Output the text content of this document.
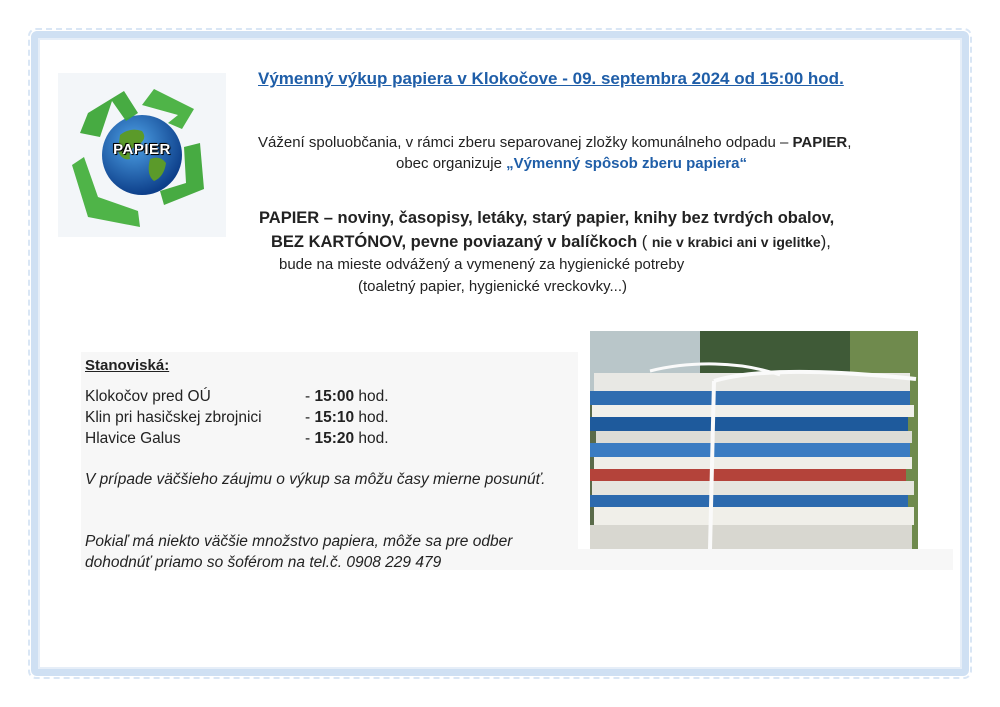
PAPIER
Výmenný výkup papiera v Klokočove - 09. septembra 2024 od 15:00 hod.
Vážení spoluobčania, v rámci zberu separovanej zložky komunálneho odpadu – PAPIER,
obec organizuje „Výmenný spôsob zberu papiera“
PAPIER – noviny, časopisy, letáky, starý papier, knihy bez tvrdých obalov,
BEZ KARTÓNOV, pevne poviazaný v balíčkoch ( nie v krabici ani v igelitke),
bude na mieste odvážený a vymenený za hygienické potreby
(toaletný papier, hygienické vreckovky...)
Stanoviská:
Klokočov pred OÚ	- 15:00 hod.
Klin pri hasičskej zbrojnici	- 15:10 hod.
Hlavice Galus	- 15:20 hod.
V prípade väčšieho záujmu o výkup sa môžu časy mierne posunúť.
Pokiaľ má niekto väčšie množstvo papiera, môže sa pre odber dohodnúť priamo so šoférom na tel.č. 0908 229 479
